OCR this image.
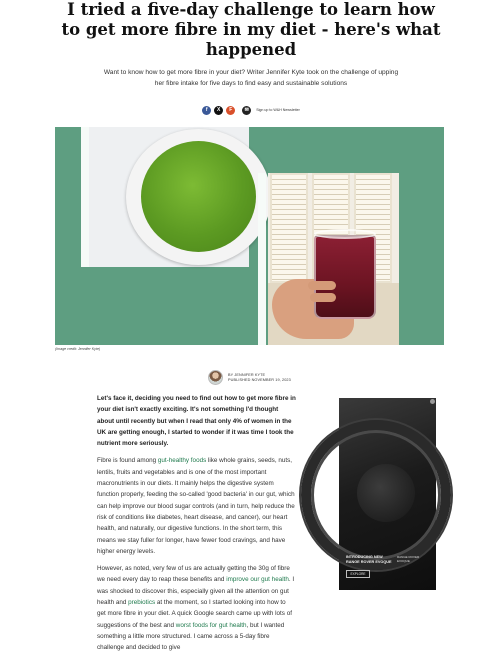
I tried a five-day challenge to learn how to get more fibre in my diet - here's what happened

Want to know how to get more fibre in your diet? Writer Jennifer Kyte took on the challenge of upping her fibre intake for five days to find easy and sustainable solutions

f	X	F	✉	Sign up to W&H Newsletter
(Image credit: Jennifer Kyte)
BY JENNIFER KYTE
PUBLISHED NOVEMBER 19, 2023

Let's face it, deciding you need to find out how to get more fibre in your diet isn't exactly exciting. It's not something I'd thought about until recently but when I read that only 4% of women in the UK are getting enough, I started to wonder if it was time I took the nutrient more seriously.

Fibre is found among gut-healthy foods like whole grains, seeds, nuts, lentils, fruits and vegetables and is one of the most important macronutrients in our diets. It mainly helps the digestive system function properly, feeding the so-called 'good bacteria' in our gut, which can help improve our blood sugar controls (and in turn, help reduce the risk of conditions like diabetes, heart disease, and cancer), our heart health, and naturally, our digestive functions. In the short term, this means we stay fuller for longer, have fewer food cravings, and have higher energy levels.

However, as noted, very few of us are actually getting the 30g of fibre we need every day to reap these benefits and improve our gut health. I was shocked to discover this, especially given all the attention on gut health and prebiotics at the moment, so I started looking into how to get more fibre in your diet. A quick Google search came up with lots of suggestions of the best and worst foods for gut health, but I wanted something a little more structured. I came across a 5-day fibre challenge and decided to give

INTRODUCING NEW
RANGE ROVER EVOQUE
RANGE ROVER
EVOQUE
EXPLORE
